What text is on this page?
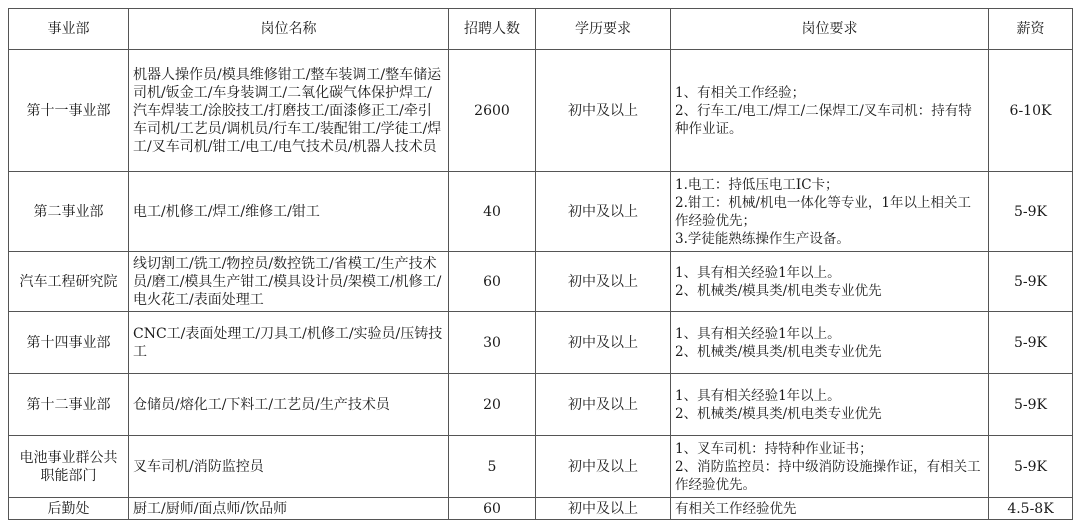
事业部	岗位名称	招聘人数	学历要求	岗位要求	薪资
第十一事业部	机器人操作员/模具维修钳工/整车装调工/整车储运司机/钣金工/车身装调工/二氧化碳气体保护焊工/汽车焊装工/涂胶技工/打磨技工/面漆修正工/牵引车司机/工艺员/调机员/行车工/装配钳工/学徒工/焊工/叉车司机/钳工/电工/电气技术员/机器人技术员	2600	初中及以上	1、有相关工作经验；
2、行车工/电工/焊工/二保焊工/叉车司机：持有特种作业证。	6-10K
第二事业部	电工/机修工/焊工/维修工/钳工	40	初中及以上	1.电工：持低压电工IC卡；
2.钳工：机械/机电一体化等专业，1年以上相关工作经验优先；
3.学徒能熟练操作生产设备。	5-9K
汽车工程研究院	线切割工/铣工/物控员/数控铣工/省模工/生产技术员/磨工/模具生产钳工/模具设计员/架模工/机修工/电火花工/表面处理工	60	初中及以上	1、具有相关经验1年以上。
2、机械类/模具类/机电类专业优先	5-9K
第十四事业部	CNC工/表面处理工/刀具工/机修工/实验员/压铸技工	30	初中及以上	1、具有相关经验1年以上。
2、机械类/模具类/机电类专业优先	5-9K
第十二事业部	仓储员/熔化工/下料工/工艺员/生产技术员	20	初中及以上	1、具有相关经验1年以上。
2、机械类/模具类/机电类专业优先	5-9K
电池事业群公共职能部门	叉车司机/消防监控员	5	初中及以上	1、叉车司机：持特种作业证书；
2、消防监控员：持中级消防设施操作证，有相关工作经验优先。	5-9K
后勤处	厨工/厨师/面点师/饮品师	60	初中及以上	有相关工作经验优先	4.5-8K
